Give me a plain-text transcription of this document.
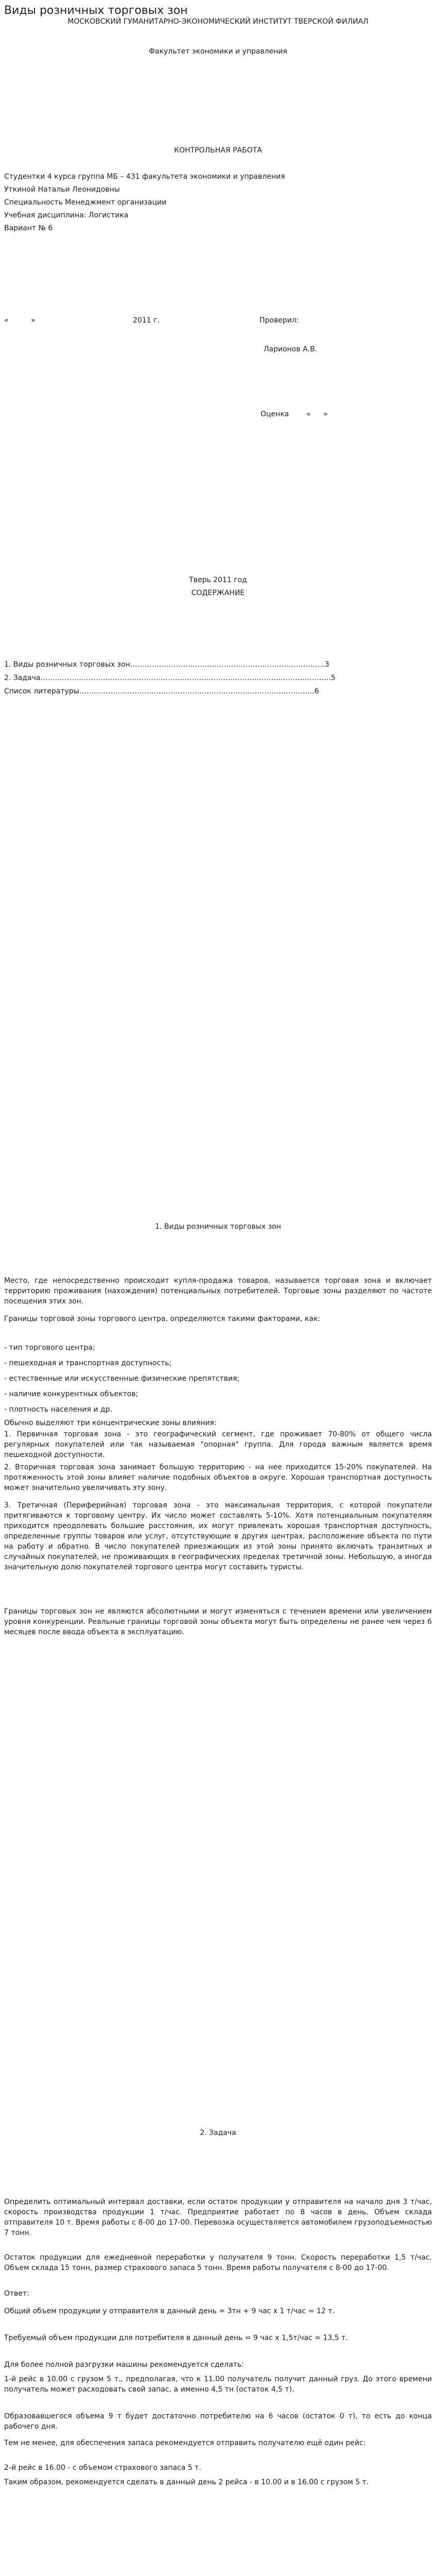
Виды розничных торговых зон
МОСКОВСКИЙ ГУМАНИТАРНО-ЭКОНОМИЧЕСКИЙ ИНСТИТУТ ТВЕРСКОЙ ФИЛИАЛ
Факультет экономики и управления
КОНТРОЛЬНАЯ РАБОТА
Студентки 4 курса группа МБ – 431 факультета экономики и управления
Уткиной Натальи Леонидовны
Специальность Менеджмент организации
Учебная дисциплина: Логистика
Вариант № 6
«	»	2011 г.	Проверил:
Ларионов А.В.
Оценка « »
Тверь 2011 год
СОДЕРЖАНИЕ
1. Виды розничных торговых зон………………………………………………………………………3
2. Задача………………………………………………………………………………………………………….5
Список литературы……………………………………………………………………………………..6
1. Виды розничных торговых зон
Место, где непосредственно происходит купля-продажа товаров, называется торговая зона и включает территорию проживания (нахождения) потенциальных потребителей. Торговые зоны разделяют по частоте посещения этих зон.
Границы торговой зоны торгового центра, определяются такими факторами, как:
- тип торгового центра;
- пешеходная и транспортная доступность;
- естественные или искусственные физические препятствия;
- наличие конкурентных объектов;
- плотность населения и др.
Обычно выделяют три концентрические зоны влияния:
1. Первичная торговая зона - это географический сегмент, где проживает 70-80% от общего числа регулярных покупателей или так называемая "опорная" группа. Для города важным является время пешеходной доступности.
2. Вторичная торговая зона занимает большую территорию - на нее приходится 15-20% покупателей. На протяженность этой зоны влияет наличие подобных объектов в округе. Хорошая транспортная доступность может значительно увеличивать эту зону.
3. Третичная (Периферийная) торговая зона - это максимальная территория, с которой покупатели притягиваются к торговому центру. Их число может составлять 5-10%. Хотя потенциальным покупателям приходится преодолевать большие расстояния, их могут привлекать хорошая транспортная доступность, определенные группы товаров или услуг, отсутствующие в других центрах, расположение объекта по пути на работу и обратно. В число покупателей приезжающих из этой зоны принято включать транзитных и случайных покупателей, не проживающих в географических пределах третичной зоны. Небольшую, а иногда значительную долю покупателей торгового центра могут составить туристы.
Границы торговых зон не являются абсолютными и могут изменяться с течением времени или увеличением уровня конкуренции. Реальные границы торговой зоны объекта могут быть определены не ранее чем через 6 месяцев после ввода объекта в эксплуатацию.
2. Задача
Определить оптимальный интервал доставки, если остаток продукции у отправителя на начало дня 3 т/час, скорость производства продукции 1 т/час. Предприятие работает по 8 часов в день. Объем склада отправителя 10 т. Время работы с 8-00 до 17-00. Перевозка осуществляется автомобилем грузоподъемностью 7 тонн.
Остаток продукции для ежедневной переработки у получателя 9 тонн. Скорость переработки 1,5 т/час. Объем склада 15 тонн, размер страхового запаса 5 тонн. Время работы получателя с 8-00 до 17-00.
Ответ:
Общий объем продукции у отправителя в данный день = 3тн + 9 час х 1 т/час = 12 т.
Требуемый объем продукции для потребителя в данный день = 9 час х 1,5т/час = 13,5 т.
Для более полной разгрузки машины рекомендуется сделать:
1-й рейс в 10.00 с грузом 5 т., предполагая, что к 11.00 получатель получит данный груз. До этого времени получатель может расходовать свой запас, а именно 4,5 тн (остаток 4,5 т).
Образовавшегося объема 9 т будет достаточно потребителю на 6 часов (остаток 0 т), то есть до конца рабочего дня.
Тем не менее, для обеспечения запаса рекомендуется отправить получателю ещё один рейс:
2-й рейс в 16.00 - с объемом страхового запаса 5 т.
Таким образом, рекомендуется сделать в данный день 2 рейса - в 10.00 и в 16.00 с грузом 5 т.
